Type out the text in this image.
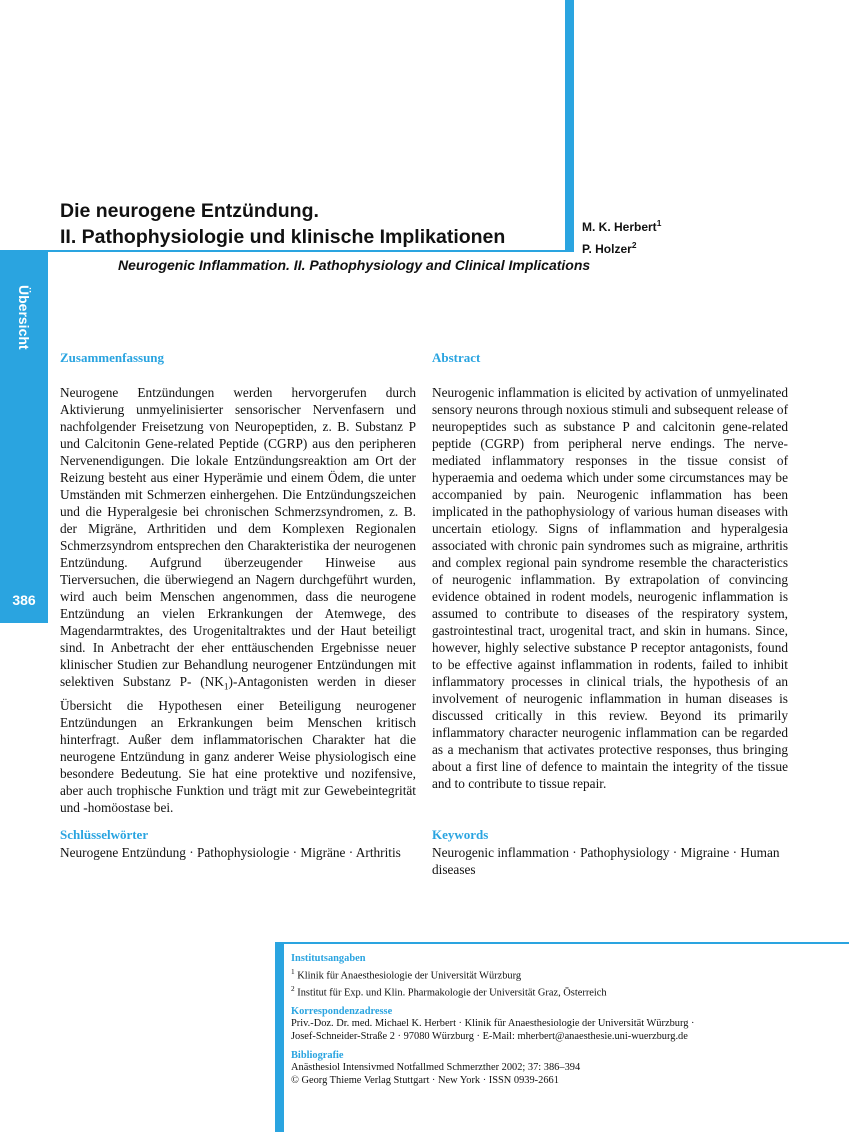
Übersicht
386
Die neurogene Entzündung.
II. Pathophysiologie und klinische Implikationen	M. K. Herbert$^1$
P. Holzer$^2$
Neurogenic Inflammation. II. Pathophysiology and Clinical Implications
Zusammenfassung
Neurogene Entzündungen werden hervorgerufen durch Aktivierung unmyelinisierter sensorischer Nervenfasern und nachfolgender Freisetzung von Neuropeptiden, z. B. Substanz P und Calcitonin Gene-related Peptide (CGRP) aus den peripheren Nervenendigungen. Die lokale Entzündungsreaktion am Ort der Reizung besteht aus einer Hyperämie und einem Ödem, die unter Umständen mit Schmerzen einhergehen. Die Entzündungszeichen und die Hyperalgesie bei chronischen Schmerzsyndromen, z. B. der Migräne, Arthritiden und dem Komplexen Regionalen Schmerzsyndrom entsprechen den Charakteristika der neurogenen Entzündung. Aufgrund überzeugender Hinweise aus Tierversuchen, die überwiegend an Nagern durchgeführt wurden, wird auch beim Menschen angenommen, dass die neurogene Entzündung an vielen Erkrankungen der Atemwege, des Magendarmtraktes, des Urogenitaltraktes und der Haut beteiligt sind. In Anbetracht der eher enttäuschenden Ergebnisse neuer klinischer Studien zur Behandlung neurogener Entzündungen mit selektiven Substanz P- $(NK_1)$-Antagonisten werden in dieser Übersicht die Hypothesen einer Beteiligung neurogener Entzündungen an Erkrankungen beim Menschen kritisch hinterfragt. Außer dem inflammatorischen Charakter hat die neurogene Entzündung in ganz anderer Weise physiologisch eine besondere Bedeutung. Sie hat eine protektive und nozifensive, aber auch trophische Funktion und trägt mit zur Gewebeintegrität und -homöostase bei.
Abstract
Neurogenic inflammation is elicited by activation of unmyelinated sensory neurons through noxious stimuli and subsequent release of neuropeptides such as substance P and calcitonin gene-related peptide (CGRP) from peripheral nerve endings. The nerve-mediated inflammatory responses in the tissue consist of hyperaemia and oedema which under some circumstances may be accompanied by pain. Neurogenic inflammation has been implicated in the pathophysiology of various human diseases with uncertain etiology. Signs of inflammation and hyperalgesia associated with chronic pain syndromes such as migraine, arthritis and complex regional pain syndrome resemble the characteristics of neurogenic inflammation. By extrapolation of convincing evidence obtained in rodent models, neurogenic inflammation is assumed to contribute to diseases of the respiratory system, gastrointestinal tract, urogenital tract, and skin in humans. Since, however, highly selective substance P receptor antagonists, found to be effective against inflammation in rodents, failed to inhibit inflammatory processes in clinical trials, the hypothesis of an involvement of neurogenic inflammation in human diseases is discussed critically in this review. Beyond its primarily inflammatory character neurogenic inflammation can be regarded as a mechanism that activates protective responses, thus bringing about a first line of defence to maintain the integrity of the tissue and to contribute to tissue repair.
Schlüsselwörter
Neurogene Entzündung · Pathophysiologie · Migräne · Arthritis
Keywords
Neurogenic inflammation · Pathophysiology · Migraine · Human diseases
Institutsangaben
$^1$ Klinik für Anaesthesiologie der Universität Würzburg
$^2$ Institut für Exp. und Klin. Pharmakologie der Universität Graz, Österreich
Korrespondenzadresse
Priv.-Doz. Dr. med. Michael K. Herbert · Klinik für Anaesthesiologie der Universität Würzburg ·
Josef-Schneider-Straße 2 · 97080 Würzburg · E-Mail: mherbert@anaesthesie.uni-wuerzburg.de
Bibliografie
Anästhesiol Intensivmed Notfallmed Schmerzther 2002; 37: 386–394
© Georg Thieme Verlag Stuttgart · New York · ISSN 0939-2661
